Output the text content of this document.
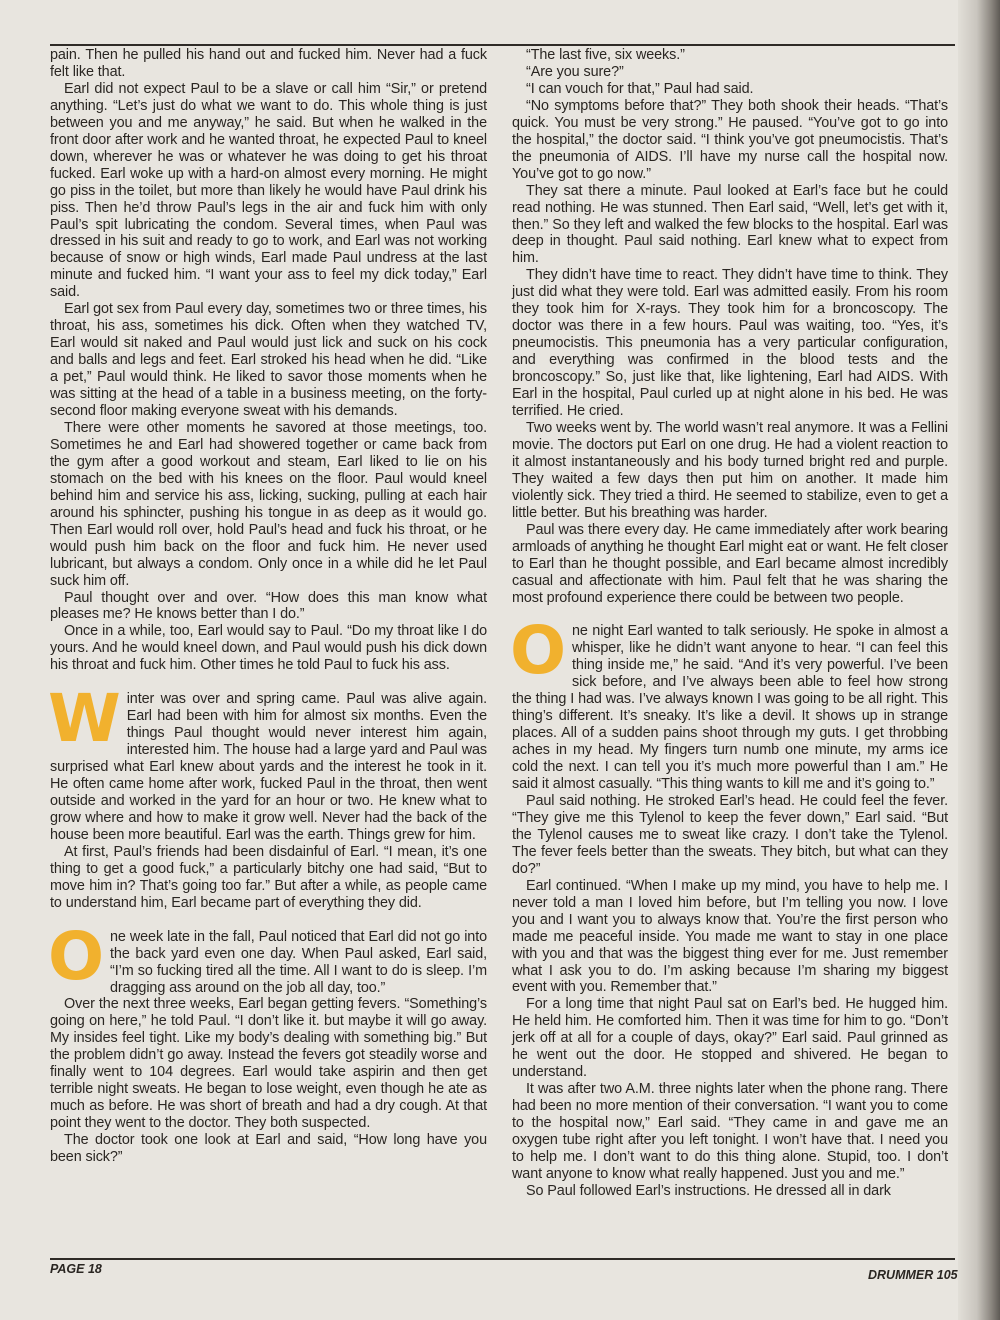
pain. Then he pulled his hand out and fucked him. Never had a fuck felt like that.

Earl did not expect Paul to be a slave or call him “Sir,” or pretend anything. “Let’s just do what we want to do. This whole thing is just between you and me anyway,” he said. But when he walked in the front door after work and he wanted throat, he expected Paul to kneel down, wherever he was or whatever he was doing to get his throat fucked. Earl woke up with a hard-on almost every morning. He might go piss in the toilet, but more than likely he would have Paul drink his piss. Then he’d throw Paul’s legs in the air and fuck him with only Paul’s spit lubricating the condom. Several times, when Paul was dressed in his suit and ready to go to work, and Earl was not working because of snow or high winds, Earl made Paul undress at the last minute and fucked him. “I want your ass to feel my dick today,” Earl said.

Earl got sex from Paul every day, sometimes two or three times, his throat, his ass, sometimes his dick. Often when they watched TV, Earl would sit naked and Paul would just lick and suck on his cock and balls and legs and feet. Earl stroked his head when he did. “Like a pet,” Paul would think. He liked to savor those moments when he was sitting at the head of a table in a business meeting, on the forty-second floor making everyone sweat with his demands.

There were other moments he savored at those meetings, too. Sometimes he and Earl had showered together or came back from the gym after a good workout and steam, Earl liked to lie on his stomach on the bed with his knees on the floor. Paul would kneel behind him and service his ass, licking, sucking, pulling at each hair around his sphincter, pushing his tongue in as deep as it would go. Then Earl would roll over, hold Paul’s head and fuck his throat, or he would push him back on the floor and fuck him. He never used lubricant, but always a condom. Only once in a while did he let Paul suck him off.

Paul thought over and over. “How does this man know what pleases me? He knows better than I do.”

Once in a while, too, Earl would say to Paul. “Do my throat like I do yours. And he would kneel down, and Paul would push his dick down his throat and fuck him. Other times he told Paul to fuck his ass.

Winter was over and spring came. Paul was alive again. Earl had been with him for almost six months. Even the things Paul thought would never interest him again, interested him. The house had a large yard and Paul was surprised what Earl knew about yards and the interest he took in it. He often came home after work, fucked Paul in the throat, then went outside and worked in the yard for an hour or two. He knew what to grow where and how to make it grow well. Never had the back of the house been more beautiful. Earl was the earth. Things grew for him.

At first, Paul’s friends had been disdainful of Earl. “I mean, it’s one thing to get a good fuck,” a particularly bitchy one had said, “But to move him in? That’s going too far.” But after a while, as people came to understand him, Earl became part of everything they did.

One week late in the fall, Paul noticed that Earl did not go into the back yard even one day. When Paul asked, Earl said, “I’m so fucking tired all the time. All I want to do is sleep. I’m dragging ass around on the job all day, too.”

Over the next three weeks, Earl began getting fevers. “Something’s going on here,” he told Paul. “I don’t like it. but maybe it will go away. My insides feel tight. Like my body’s dealing with something big.” But the problem didn’t go away. Instead the fevers got steadily worse and finally went to 104 degrees. Earl would take aspirin and then get terrible night sweats. He began to lose weight, even though he ate as much as before. He was short of breath and had a dry cough. At that point they went to the doctor. They both suspected.

The doctor took one look at Earl and said, “How long have you been sick?”

“The last five, six weeks.”

“Are you sure?”

“I can vouch for that,” Paul had said.

“No symptoms before that?” They both shook their heads. “That’s quick. You must be very strong.” He paused. “You’ve got to go into the hospital,” the doctor said. “I think you’ve got pneumocistis. That’s the pneumonia of AIDS. I’ll have my nurse call the hospital now. You’ve got to go now.”

They sat there a minute. Paul looked at Earl’s face but he could read nothing. He was stunned. Then Earl said, “Well, let’s get with it, then.” So they left and walked the few blocks to the hospital. Earl was deep in thought. Paul said nothing. Earl knew what to expect from him.

They didn’t have time to react. They didn’t have time to think. They just did what they were told. Earl was admitted easily. From his room they took him for X-rays. They took him for a broncoscopy. The doctor was there in a few hours. Paul was waiting, too. “Yes, it’s pneumocistis. This pneumonia has a very particular configuration, and everything was confirmed in the blood tests and the broncoscopy.” So, just like that, like lightening, Earl had AIDS. With Earl in the hospital, Paul curled up at night alone in his bed. He was terrified. He cried.

Two weeks went by. The world wasn’t real anymore. It was a Fellini movie. The doctors put Earl on one drug. He had a violent reaction to it almost instantaneously and his body turned bright red and purple. They waited a few days then put him on another. It made him violently sick. They tried a third. He seemed to stabilize, even to get a little better. But his breathing was harder.

Paul was there every day. He came immediately after work bearing armloads of anything he thought Earl might eat or want. He felt closer to Earl than he thought possible, and Earl became almost incredibly casual and affectionate with him. Paul felt that he was sharing the most profound experience there could be between two people.

One night Earl wanted to talk seriously. He spoke in almost a whisper, like he didn’t want anyone to hear. “I can feel this thing inside me,” he said. “And it’s very powerful. I’ve been sick before, and I’ve always been able to feel how strong the thing I had was. I’ve always known I was going to be all right. This thing’s different. It’s sneaky. It’s like a devil. It shows up in strange places. All of a sudden pains shoot through my guts. I get throbbing aches in my head. My fingers turn numb one minute, my arms ice cold the next. I can tell you it’s much more powerful than I am.” He said it almost casually. “This thing wants to kill me and it’s going to.”

Paul said nothing. He stroked Earl’s head. He could feel the fever. “They give me this Tylenol to keep the fever down,” Earl said. “But the Tylenol causes me to sweat like crazy. I don’t take the Tylenol. The fever feels better than the sweats. They bitch, but what can they do?”

Earl continued. “When I make up my mind, you have to help me. I never told a man I loved him before, but I’m telling you now. I love you and I want you to always know that. You’re the first person who made me peaceful inside. You made me want to stay in one place with you and that was the biggest thing ever for me. Just remember what I ask you to do. I’m asking because I’m sharing my biggest event with you. Remember that.”

For a long time that night Paul sat on Earl’s bed. He hugged him. He held him. He comforted him. Then it was time for him to go. “Don’t jerk off at all for a couple of days, okay?” Earl said. Paul grinned as he went out the door. He stopped and shivered. He began to understand.

It was after two A.M. three nights later when the phone rang. There had been no more mention of their conversation. “I want you to come to the hospital now,” Earl said. “They came in and gave me an oxygen tube right after you left tonight. I won’t have that. I need you to help me. I don’t want to do this thing alone. Stupid, too. I don’t want anyone to know what really happened. Just you and me.”

So Paul followed Earl’s instructions. He dressed all in dark

PAGE 18	DRUMMER 105
